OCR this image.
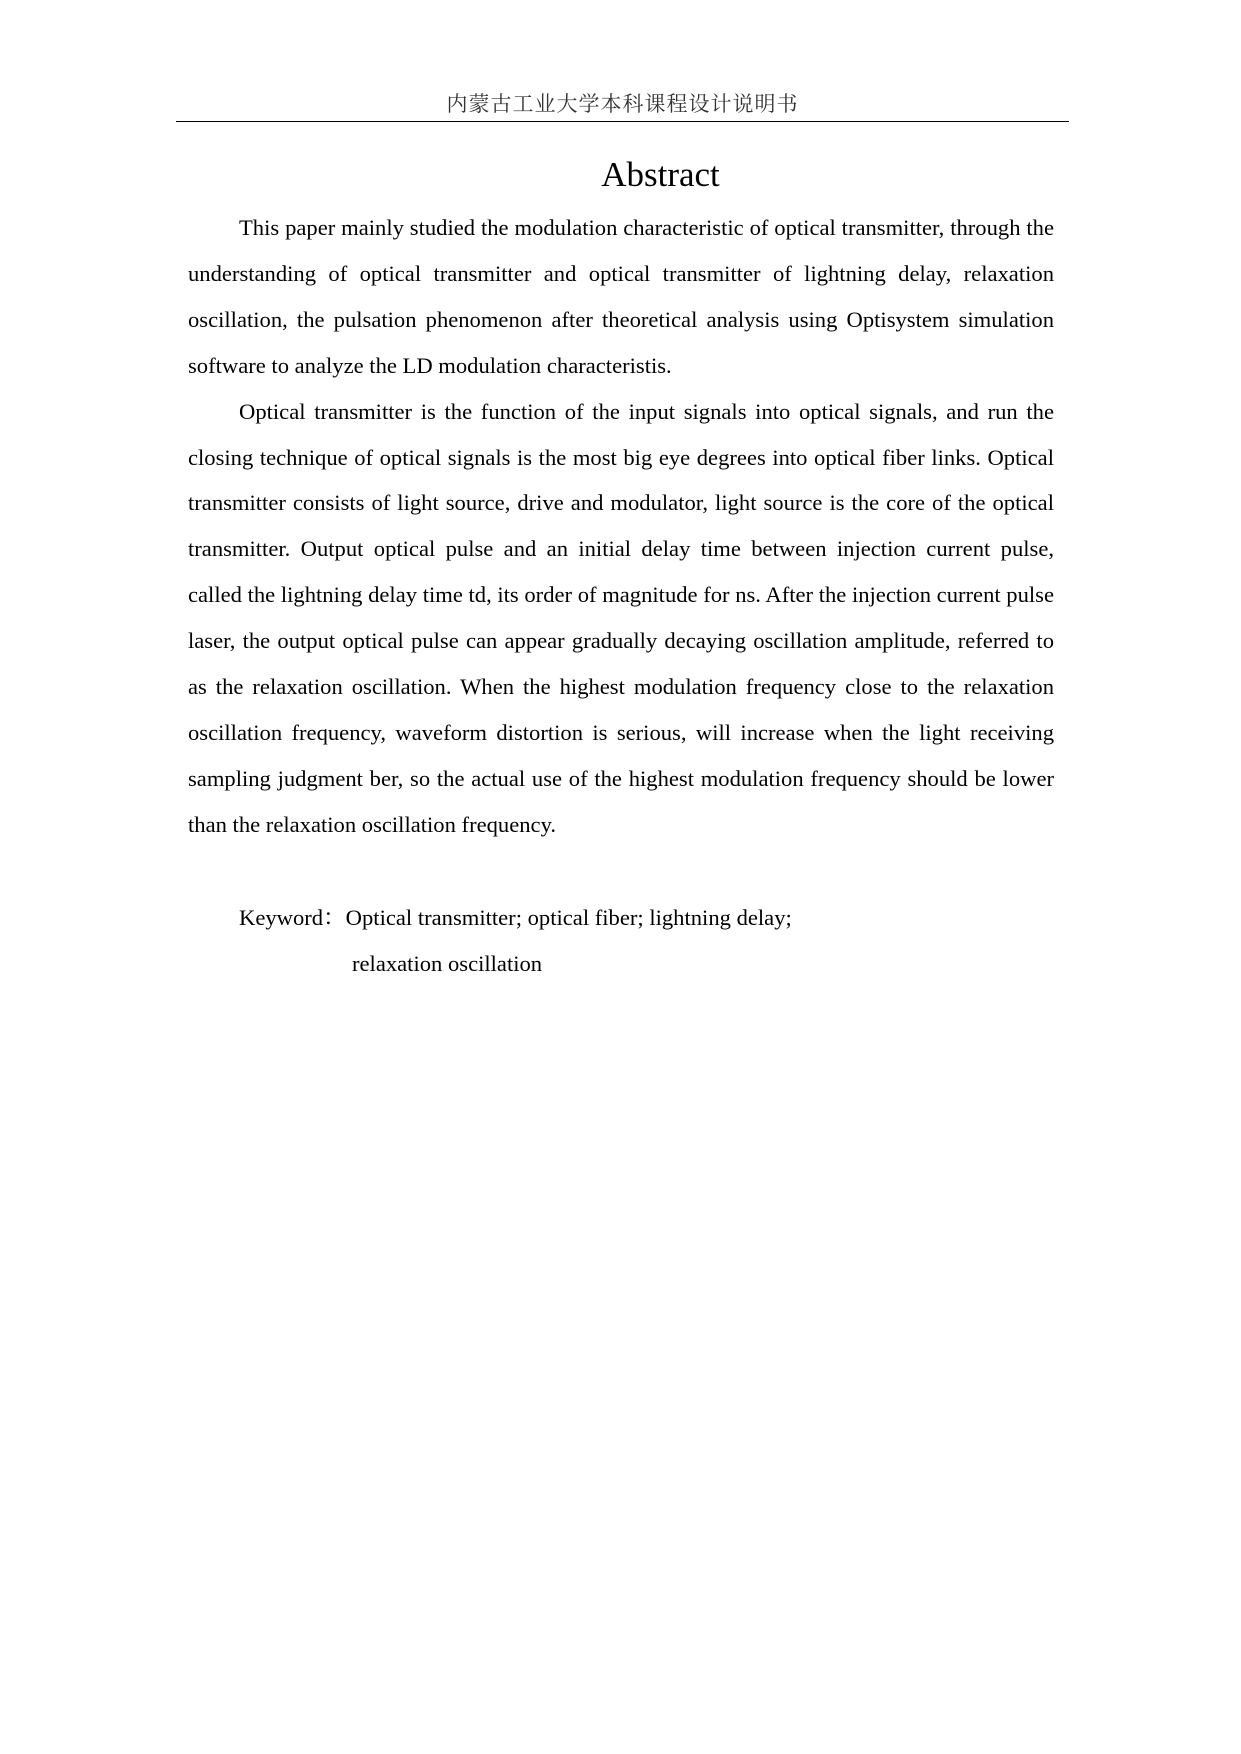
内蒙古工业大学本科课程设计说明书
Abstract

This paper mainly studied the modulation characteristic of optical transmitter, through the understanding of optical transmitter and optical transmitter of lightning delay, relaxation oscillation, the pulsation phenomenon after theoretical analysis using Optisystem simulation software to analyze the LD modulation characteristis.

Optical transmitter is the function of the input signals into optical signals, and run the closing technique of optical signals is the most big eye degrees into optical fiber links. Optical transmitter consists of light source, drive and modulator, light source is the core of the optical transmitter. Output optical pulse and an initial delay time between injection current pulse, called the lightning delay time td, its order of magnitude for ns. After the injection current pulse laser, the output optical pulse can appear gradually decaying oscillation amplitude, referred to as the relaxation oscillation. When the highest modulation frequency close to the relaxation oscillation frequency, waveform distortion is serious, will increase when the light receiving sampling judgment ber, so the actual use of the highest modulation frequency should be lower than the relaxation oscillation frequency.

Keyword：Optical transmitter; optical fiber; lightning delay;
relaxation oscillation
